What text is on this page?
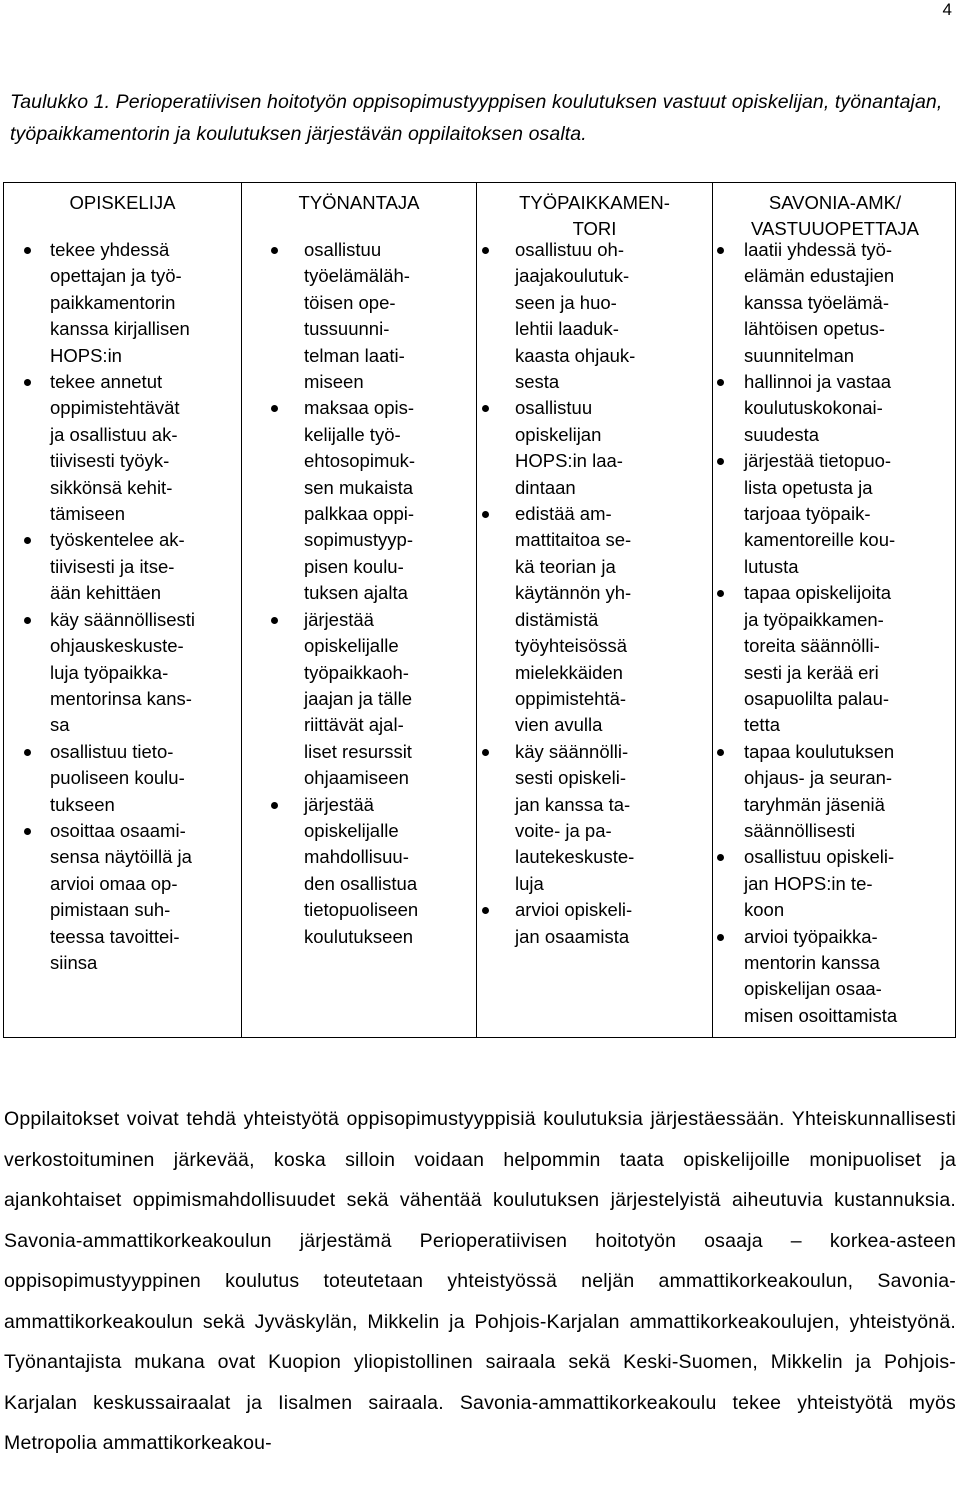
4
Taulukko 1. Perioperatiivisen hoitotyön oppisopimustyyppisen koulutuksen vastuut opiskelijan, työnantajan, työpaikkamentorin ja koulutuksen järjestävän oppilaitoksen osalta.
OPISKELIJA
tekee yhdessä
opettajan ja työ-
paikkamentorin
kanssa kirjallisen
HOPS:in
tekee annetut
oppimistehtävät
ja osallistuu ak-
tiivisesti työyk-
sikkönsä kehit-
tämiseen
työskentelee ak-
tiivisesti ja itse-
ään kehittäen
käy säännöllisesti
ohjauskeskuste-
luja työpaikka-
mentorinsa kans-
sa
osallistuu tieto-
puoliseen koulu-
tukseen
osoittaa osaami-
sensa näytöillä ja
arvioi omaa op-
pimistaan suh-
teessa tavoittei-
siinsa
TYÖNANTAJA
osallistuu
työelämäläh-
töisen ope-
tussuunni-
telman laati-
miseen
maksaa opis-
kelijalle työ-
ehtosopimuk-
sen mukaista
palkkaa oppi-
sopimustyyp-
pisen koulu-
tuksen ajalta
järjestää
opiskelijalle
työpaikkaoh-
jaajan ja tälle
riittävät ajal-
liset resurssit
ohjaamiseen
järjestää
opiskelijalle
mahdollisuu-
den osallistua
tietopuoliseen
koulutukseen
TYÖPAIKKAMEN-
TORI
osallistuu oh-
jaajakoulutuk-
seen ja huo-
lehtii laaduk-
kaasta ohjauk-
sesta
osallistuu
opiskelijan
HOPS:in laa-
dintaan
edistää am-
mattitaitoa se-
kä teorian ja
käytännön yh-
distämistä
työyhteisössä
mielekkäiden
oppimistehtä-
vien avulla
käy säännölli-
sesti opiskeli-
jan kanssa ta-
voite- ja pa-
lautekeskuste-
luja
arvioi opiskeli-
jan osaamista
SAVONIA-AMK/
VASTUUOPETTAJA
laatii yhdessä työ-
elämän edustajien
kanssa työelämä-
lähtöisen opetus-
suunnitelman
hallinnoi ja vastaa
koulutuskokonai-
suudesta
järjestää tietopuo-
lista opetusta ja
tarjoaa työpaik-
kamentoreille kou-
lutusta
tapaa opiskelijoita
ja työpaikkamen-
toreita säännölli-
sesti ja kerää eri
osapuolilta palau-
tetta
tapaa koulutuksen
ohjaus- ja seuran-
taryhmän jäseniä
säännöllisesti
osallistuu opiskeli-
jan HOPS:in te-
koon
arvioi työpaikka-
mentorin kanssa
opiskelijan osaa-
misen osoittamista
Oppilaitokset voivat tehdä yhteistyötä oppisopimustyyppisiä koulutuksia järjestäessään. Yhteiskunnallisesti verkostoituminen järkevää, koska silloin voidaan helpommin taata opiskelijoille monipuoliset ja ajankohtaiset oppimismahdollisuudet sekä vähentää koulutuksen järjestelyistä aiheutuvia kustannuksia. Savonia-ammattikorkeakoulun järjestämä Perioperatiivisen hoitotyön osaaja – korkea-asteen oppisopimustyyppinen koulutus toteutetaan yhteistyössä neljän ammattikorkeakoulun, Savonia-ammattikorkeakoulun sekä Jyväskylän, Mikkelin ja Pohjois-Karjalan ammattikorkeakoulujen, yhteistyönä. Työnantajista mukana ovat Kuopion yliopistollinen sairaala sekä Keski-Suomen, Mikkelin ja Pohjois-Karjalan keskussairaalat ja Iisalmen sairaala. Savonia-ammattikorkeakoulu tekee yhteistyötä myös Metropolia ammattikorkeakou-
